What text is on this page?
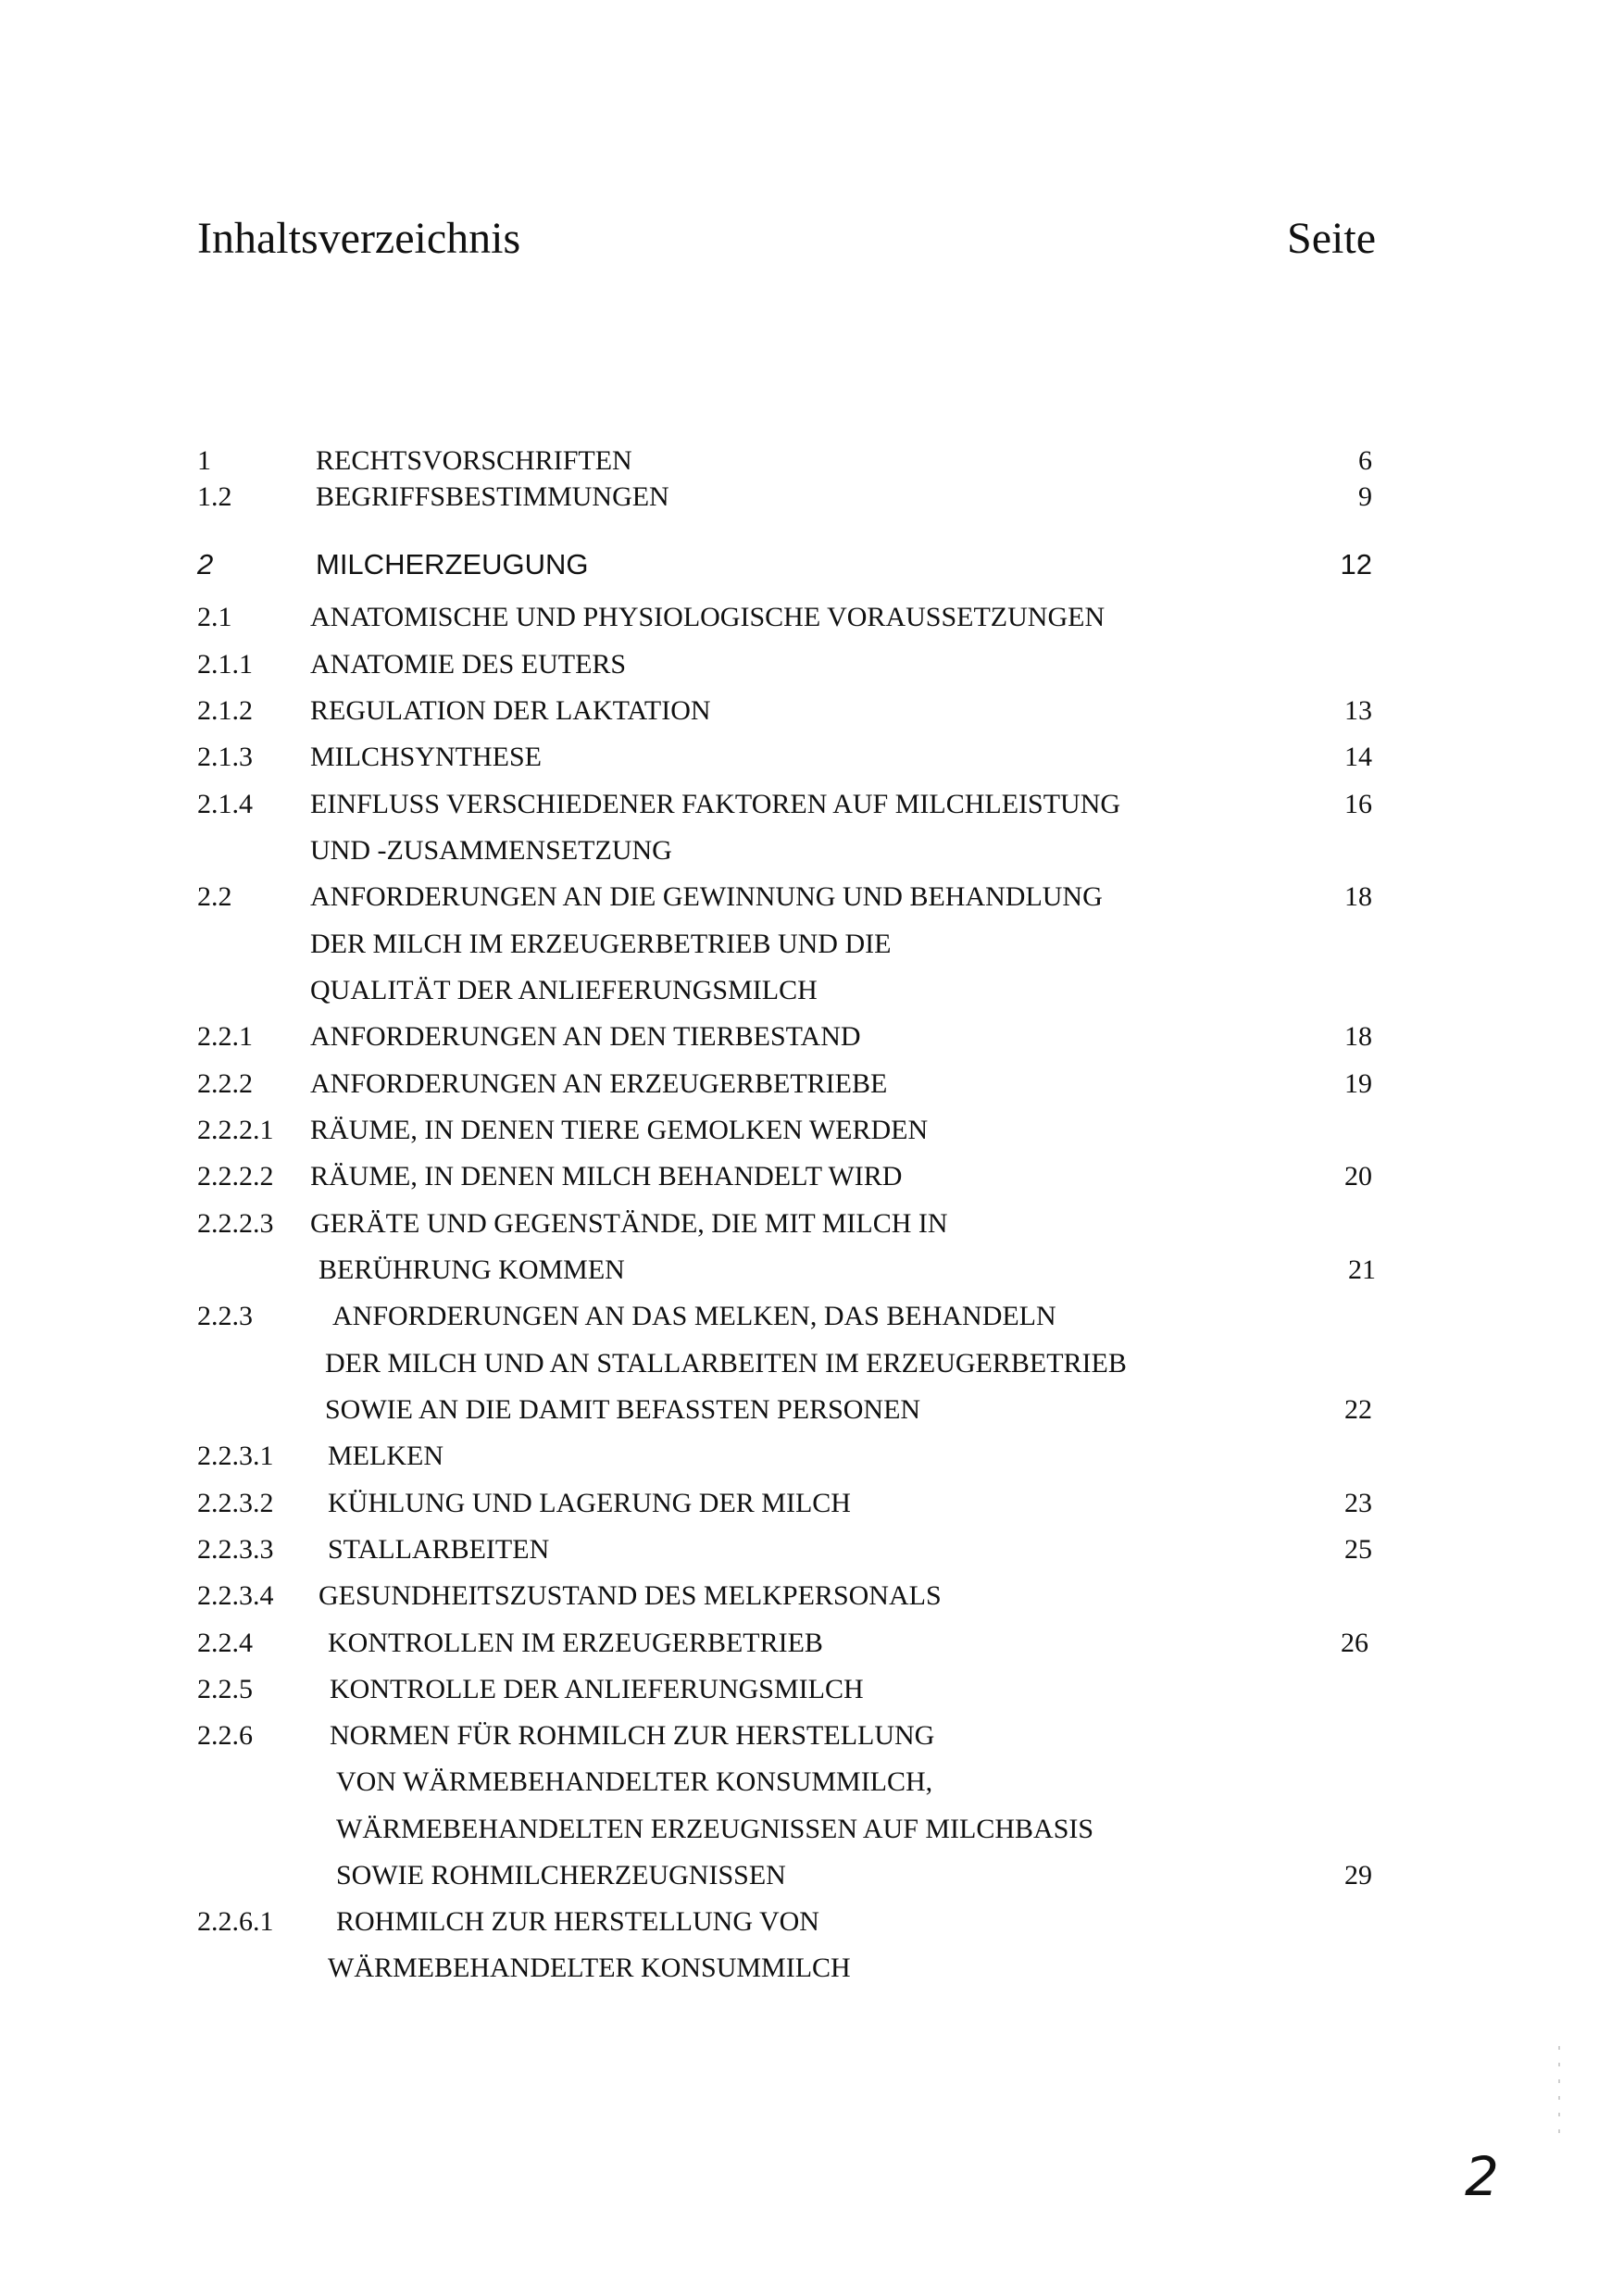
Inhaltsverzeichnis	Seite
1	RECHTSVORSCHRIFTEN	6
1.2	BEGRIFFSBESTIMMUNGEN	9
2	MILCHERZEUGUNG	12
2.1	ANATOMISCHE UND PHYSIOLOGISCHE VORAUSSETZUNGEN
2.1.1 ANATOMIE DES EUTERS
2.1.2 REGULATION DER LAKTATION	13
2.1.3 MILCHSYNTHESE	14
2.1.4 EINFLUSS VERSCHIEDENER FAKTOREN AUF MILCHLEISTUNG	16
UND -ZUSAMMENSETZUNG
2.2	ANFORDERUNGEN AN DIE GEWINNUNG UND BEHANDLUNG	18
DER MILCH IM ERZEUGERBETRIEB UND DIE
QUALITÄT DER ANLIEFERUNGSMILCH
2.2.1 ANFORDERUNGEN AN DEN TIERBESTAND	18
2.2.2 ANFORDERUNGEN AN ERZEUGERBETRIEBE	19
2.2.2.1 RÄUME, IN DENEN TIERE GEMOLKEN WERDEN
2.2.2.2 RÄUME, IN DENEN MILCH BEHANDELT WIRD	20
2.2.2.3 GERÄTE UND GEGENSTÄNDE, DIE MIT MILCH IN
BERÜHRUNG KOMMEN	21
2.2.3	ANFORDERUNGEN AN DAS MELKEN, DAS BEHANDELN
DER MILCH UND AN STALLARBEITEN IM ERZEUGERBETRIEB
SOWIE AN DIE DAMIT BEFASSTEN PERSONEN	22
2.2.3.1 MELKEN
2.2.3.2 KÜHLUNG UND LAGERUNG DER MILCH	23
2.2.3.3 STALLARBEITEN	25
2.2.3.4 GESUNDHEITSZUSTAND DES MELKPERSONALS
2.2.4	KONTROLLEN IM ERZEUGERBETRIEB	26
2.2.5	KONTROLLE DER ANLIEFERUNGSMILCH
2.2.6	NORMEN FÜR ROHMILCH ZUR HERSTELLUNG
VON WÄRMEBEHANDELTER KONSUMMILCH,
WÄRMEBEHANDELTEN ERZEUGNISSEN AUF MILCHBASIS
SOWIE ROHMILCHERZEUGNISSEN	29
2.2.6.1 ROHMILCH ZUR HERSTELLUNG VON
WÄRMEBEHANDELTER KONSUMMILCH
2
